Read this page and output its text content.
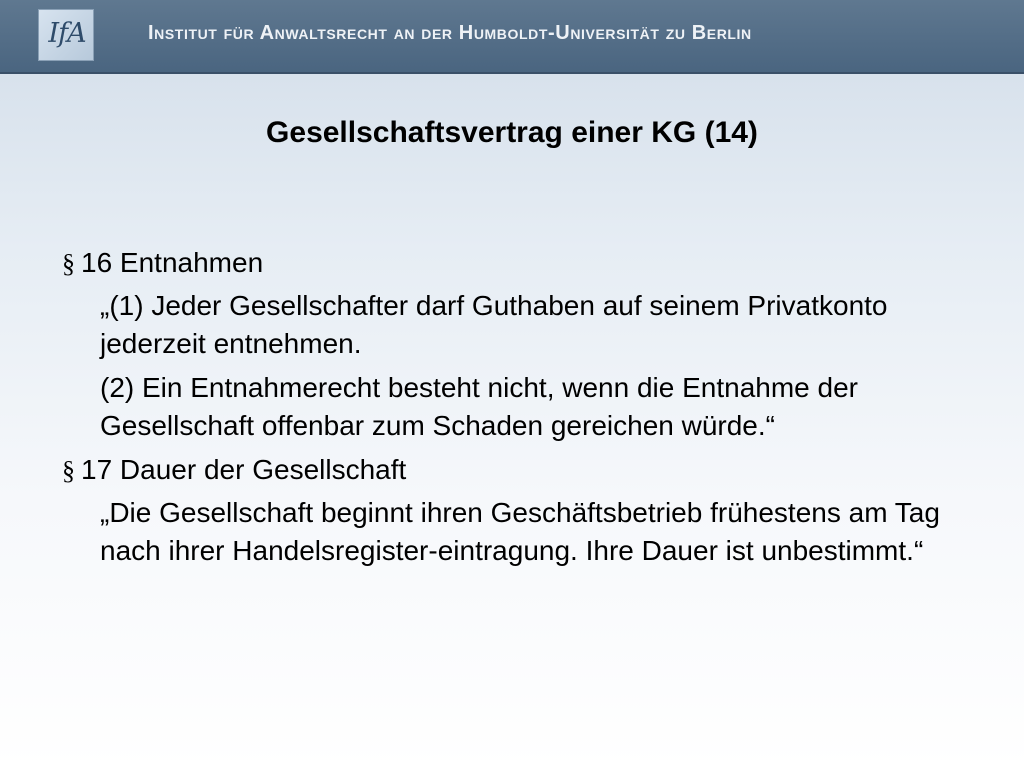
IfA	Institut für Anwaltsrecht an der Humboldt-Universität zu Berlin
Gesellschaftsvertrag einer KG (14)
§ 16 Entnahmen
„(1) Jeder Gesellschafter darf Guthaben auf seinem Privatkonto jederzeit entnehmen.
(2) Ein Entnahmerecht besteht nicht, wenn die Entnahme der Gesellschaft offenbar zum Schaden gereichen würde.“
§ 17 Dauer der Gesellschaft
„Die Gesellschaft beginnt ihren Geschäftsbetrieb frühestens am Tag nach ihrer Handelsregister-eintragung. Ihre Dauer ist unbestimmt.“
